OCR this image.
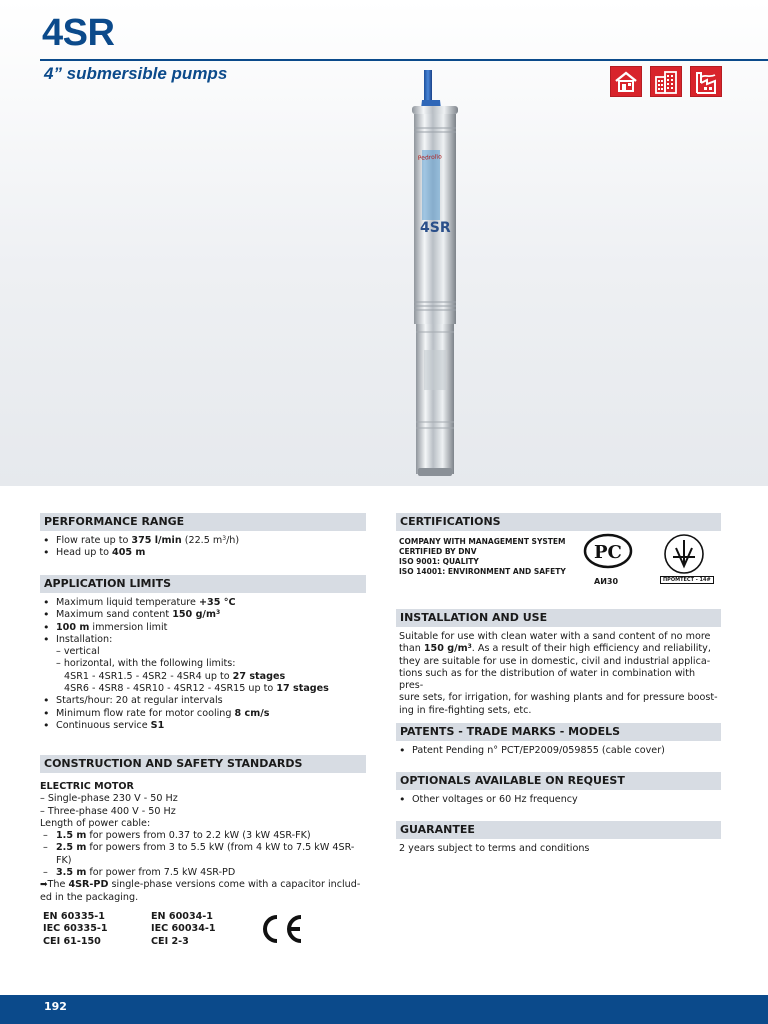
4SR
4” submersible pumps
4SR
Pedrollo
PERFORMANCE RANGE
• Flow rate up to 375 l/min (22.5 $m^3/h$)
• Head up to 405 m
APPLICATION LIMITS
• Maximum liquid temperature +35 °C
• Maximum sand content 150 $g/m^3$
• 100 m immersion limit
• Installation:
– vertical
– horizontal, with the following limits:
4SR1 - 4SR1.5 - 4SR2 - 4SR4 up to 27 stages
4SR6 - 4SR8 - 4SR10 - 4SR12 - 4SR15 up to 17 stages
• Starts/hour: 20 at regular intervals
• Minimum flow rate for motor cooling 8 cm/s
• Continuous service S1
CONSTRUCTION AND SAFETY STANDARDS
ELECTRIC MOTOR
– Single-phase 230 V - 50 Hz
– Three-phase 400 V - 50 Hz
Length of power cable:
– 1.5 m for powers from 0.37 to 2.2 kW (3 kW 4SR-FK)
– 2.5 m for powers from 3 to 5.5 kW (from 4 kW to 7.5 kW 4SR-FK)
– 3.5 m for power from 7.5 kW 4SR-PD
➡The 4SR-PD single-phase versions come with a capacitor includ-
ed in the packaging.
EN 60335-1
IEC 60335-1
CEI 61-150
EN 60034-1
IEC 60034-1
CEI 2-3
CERTIFICATIONS
COMPANY WITH MANAGEMENT SYSTEM
CERTIFIED BY DNV
ISO 9001: QUALITY
ISO 14001: ENVIRONMENT AND SAFETY
PC
АИ30	ПРОМТЕСТ - 14#
INSTALLATION AND USE
Suitable for use with clean water with a sand content of no more
than 150 $g/m^3$. As a result of their high efficiency and reliability,
they are suitable for use in domestic, civil and industrial applica-
tions such as for the distribution of water in combination with pres-
sure sets, for irrigation, for washing plants and for pressure boost-
ing in fire-fighting sets, etc.
PATENTS - TRADE MARKS - MODELS
• Patent Pending n° PCT/EP2009/059855 (cable cover)
OPTIONALS AVAILABLE ON REQUEST
• Other voltages or 60 Hz frequency
GUARANTEE
2 years subject to terms and conditions
192
